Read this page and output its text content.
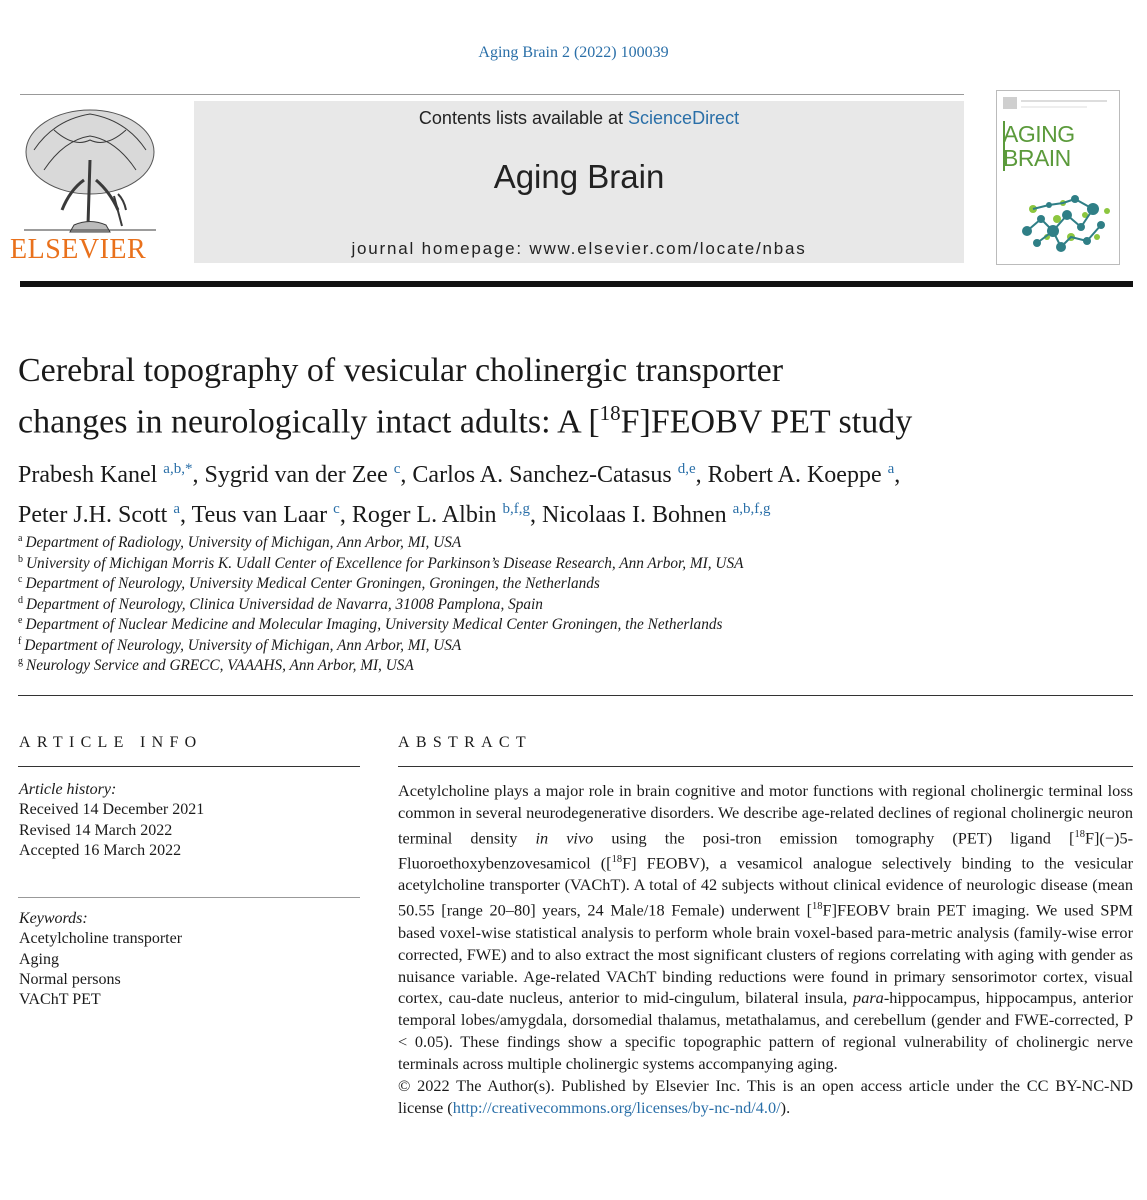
Aging Brain 2 (2022) 100039
ELSEVIER
Contents lists available at ScienceDirect
Aging Brain
journal homepage: www.elsevier.com/locate/nbas
AGING
BRAIN
Cerebral topography of vesicular cholinergic transporter
changes in neurologically intact adults: A [$^{18}$F]FEOBV PET study
Prabesh Kanel $^{a,b,*}$, Sygrid van der Zee $^c$, Carlos A. Sanchez-Catasus $^{d,e}$, Robert A. Koeppe $^a$,
Peter J.H. Scott $^a$, Teus van Laar $^c$, Roger L. Albin $^{b,f,g}$, Nicolaas I. Bohnen $^{a,b,f,g}$
$^a$ Department of Radiology, University of Michigan, Ann Arbor, MI, USA
$^b$ University of Michigan Morris K. Udall Center of Excellence for Parkinson’s Disease Research, Ann Arbor, MI, USA
$^c$ Department of Neurology, University Medical Center Groningen, Groningen, the Netherlands
$^d$ Department of Neurology, Clinica Universidad de Navarra, 31008 Pamplona, Spain
$^e$ Department of Nuclear Medicine and Molecular Imaging, University Medical Center Groningen, the Netherlands
$^f$ Department of Neurology, University of Michigan, Ann Arbor, MI, USA
$^g$ Neurology Service and GRECC, VAAAHS, Ann Arbor, MI, USA
ARTICLE INFO	ABSTRACT
Article history:
Received 14 December 2021
Revised 14 March 2022
Accepted 16 March 2022
Keywords:
Acetylcholine transporter
Aging
Normal persons
VAChT PET

Acetylcholine plays a major role in brain cognitive and motor functions with regional cholinergic terminal loss common in several neurodegenerative disorders. We describe age-related declines of regional cholinergic neuron terminal density in vivo using the posi-tron emission tomography (PET) ligand [$^{18}$F](−)5-Fluoroethoxybenzovesamicol ([$^{18}$F] FEOBV), a vesamicol analogue selectively binding to the vesicular acetylcholine transporter (VAChT). A total of 42 subjects without clinical evidence of neurologic disease (mean 50.55 [range 20–80] years, 24 Male/18 Female) underwent [$^{18}$F]FEOBV brain PET imaging. We used SPM based voxel-wise statistical analysis to perform whole brain voxel-based para-metric analysis (family-wise error corrected, FWE) and to also extract the most significant clusters of regions correlating with aging with gender as nuisance variable. Age-related VAChT binding reductions were found in primary sensorimotor cortex, visual cortex, cau-date nucleus, anterior to mid-cingulum, bilateral insula, para-hippocampus, hippocampus, anterior temporal lobes/amygdala, dorsomedial thalamus, metathalamus, and cerebellum (gender and FWE-corrected, P < 0.05). These findings show a specific topographic pattern of regional vulnerability of cholinergic nerve terminals across multiple cholinergic systems accompanying aging.

© 2022 The Author(s). Published by Elsevier Inc. This is an open access article under the CC BY-NC-ND license (http://creativecommons.org/licenses/by-nc-nd/4.0/).
